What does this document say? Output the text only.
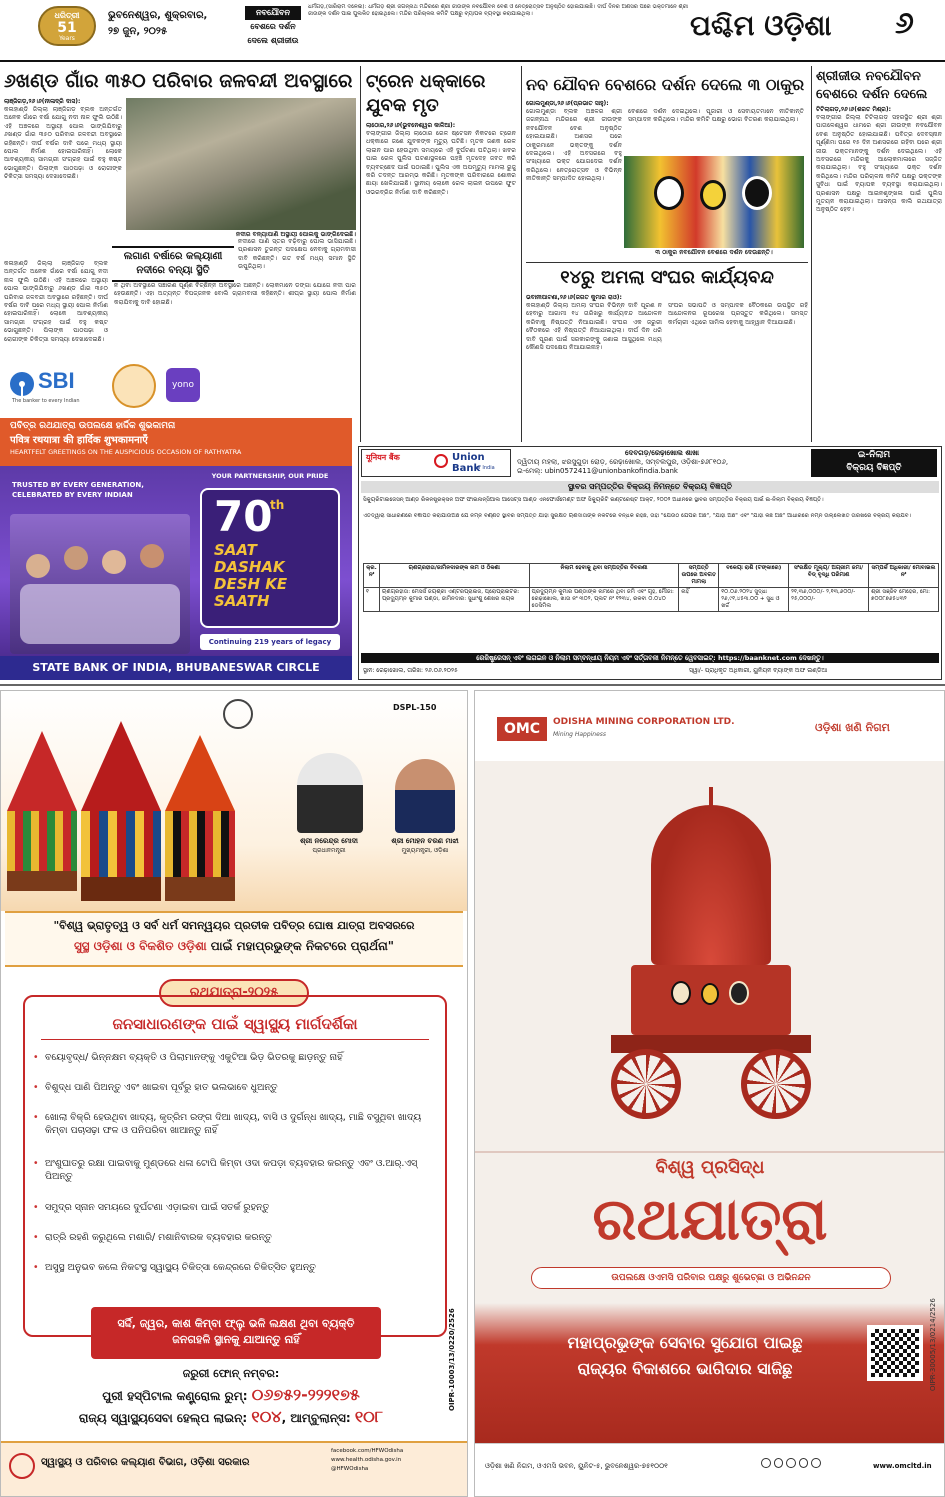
ଧରିତ୍ରୀ
51
Years
ଭୁବନେଶ୍ୱର, ଶୁକ୍ରବାର,
୨୭ ଜୁନ, ୨୦୨୫
ନବଯୌବନ
ବେଶରେ ଦର୍ଶନ
ଦେଲେ ଶ୍ରୀଜୀଉ
ଧର୍ମଗଡ଼,(ସାରିରାମ ଦଳେଇ): ଧର୍ମଗଡ଼ ଶ୍ରୀ ଜଗନ୍ନାଥ ମନ୍ଦିରରେ ଶ୍ରୀ ଜୀଉଙ୍କ ନବଯୌବନ ବେଶ ଓ ନେତ୍ରୋତ୍ସବ ଅନୁଷ୍ଠିତ ହୋଇଯାଇଛି। ଦୀର୍ଘ ଦିନର ଅଣସର ପରେ ଭକ୍ତମାନେ ଶ୍ରୀ ଜୀଉଙ୍କ ଦର୍ଶନ ପାଇ ପୁଲକିତ ହୋଇଥିଲେ। ମନ୍ଦିର ପରିଚାଳନା କମିଟି ପକ୍ଷରୁ ବ୍ୟାପକ ବ୍ୟବସ୍ଥା କରାଯାଇଥିଲା।	ପଶ୍ଚିମ ଓଡ଼ିଶା	୬
୬ଖଣ୍ଡ ଗାଁର ୩୫୦ ପରିବାର ଜଳବନ୍ଦୀ ଅବସ୍ଥାରେ
ଲାଞ୍ଜିଗଡ଼,୨୬।୬(ନୀଳାଦ୍ରି ଦାସ):
କଳାହାଣ୍ଡି ଜିଲ୍ଲା ଲାଞ୍ଜିଗଡ଼ ବ୍ଲକ ଅନ୍ତର୍ଗତ ଅନେକ ଗାଁରେ ବର୍ଷା ଯୋଗୁ ନଦୀ ନାଳ ଫୁଲି ଉଠିଛି। ଏହି ଅଞ୍ଚଳରେ ଅସ୍ଥାୟୀ ପୋଲ ଭାଙ୍ଗିଯିବାରୁ ୬ଖଣ୍ଡ ଗାଁର ୩୫୦ ପରିବାର ଜଳବନ୍ଦୀ ଅବସ୍ଥାରେ ରହିଛନ୍ତି। ଦୀର୍ଘ ବର୍ଷର ଦାବି ପରେ ମଧ୍ୟ ସ୍ଥାୟୀ ପୋଲ ନିର୍ମାଣ ହୋଇପାରିନାହିଁ। ଲୋକେ ଆବଶ୍ୟକୀୟ ସାମଗ୍ରୀ ସଂଗ୍ରହ ପାଇଁ ବହୁ କଷ୍ଟ ଭୋଗୁଛନ୍ତି। ପିଲାଙ୍କ ପାଠପଢ଼ା ଓ ରୋଗୀଙ୍କ ଚିକିତ୍ସା ସମସ୍ୟା ଦେଖାଦେଇଛି।
ନଦୀର ବନ୍ୟାପାଣି ଅସ୍ଥାୟୀ ପୋଲକୁ ଭାଙ୍ଗିଦେଇଛି।
ଲଗାଣ ବର୍ଷାରେ କଲ୍ୟାଣୀ ନଦୀରେ ବନ୍ୟା ସ୍ଥିତି
ନଦୀରେ ପାଣି ସ୍ତର ବଢ଼ିବାରୁ ପୋଲ ଭାସିଯାଇଛି। ପ୍ରଶାସନ ତୁରନ୍ତ ପଦକ୍ଷେପ ନେବାକୁ ଗ୍ରାମବାସୀ ଦାବି କରିଛନ୍ତି। ଗତ ବର୍ଷ ମଧ୍ୟ ସମାନ ସ୍ଥିତି ଉପୁଜିଥିଲା।
କଳାହାଣ୍ଡି ଜିଲ୍ଲା ଲାଞ୍ଜିଗଡ଼ ବ୍ଲକ ଅନ୍ତର୍ଗତ ଅନେକ ଗାଁରେ ବର୍ଷା ଯୋଗୁ ନଦୀ ନାଳ ଫୁଲି ଉଠିଛି। ଏହି ଅଞ୍ଚଳରେ ଅସ୍ଥାୟୀ ପୋଲ ଭାଙ୍ଗିଯିବାରୁ ୬ଖଣ୍ଡ ଗାଁର ୩୫୦ ପରିବାର ଜଳବନ୍ଦୀ ଅବସ୍ଥାରେ ରହିଛନ୍ତି। ଦୀର୍ଘ ବର୍ଷର ଦାବି ପରେ ମଧ୍ୟ ସ୍ଥାୟୀ ପୋଲ ନିର୍ମାଣ ହୋଇପାରିନାହିଁ। ଲୋକେ ଆବଶ୍ୟକୀୟ ସାମଗ୍ରୀ ସଂଗ୍ରହ ପାଇଁ ବହୁ କଷ୍ଟ ଭୋଗୁଛନ୍ତି। ପିଲାଙ୍କ ପାଠପଢ଼ା ଓ ରୋଗୀଙ୍କ ଚିକିତ୍ସା ସମସ୍ୟା ଦେଖାଦେଇଛି।
ନ ଥିବା ଅବସ୍ଥାରେ ସଞ୍ଚାରଣ ପୂର୍ଣ୍ଣ ବିଚ୍ଛିନ୍ନ ଅବସ୍ଥାରେ ଅଛନ୍ତି। ଲୋକମାନେ ଡଙ୍ଗା ଯୋଗେ ନଦୀ ପାର ହେଉଛନ୍ତି। ଏହା ଅତ୍ୟନ୍ତ ବିପଜ୍ଜନକ ବୋଲି ଗ୍ରାମବାସୀ କହିଛନ୍ତି। ଶୀଘ୍ର ସ୍ଥାୟୀ ପୋଲ ନିର୍ମାଣ କରାଯିବାକୁ ଦାବି ହୋଇଛି।
ଟ୍ରେନ ଧକ୍କାରେ ଯୁବକ ମୃତ
ଲାଠୋର,୨୬।୬(ଭୁବନେଶ୍ୱର କାଳିଆ):
ବଲାଙ୍ଗୀର ଜିଲ୍ଲା ଲାଠୋର ରେଳ ଷ୍ଟେସନ ନିକଟରେ ଟ୍ରେନ ଧକ୍କାରେ ଜଣେ ଯୁବକଙ୍କ ମୃତ୍ୟୁ ଘଟିଛି। ମୃତକ ଜଣକ ରେଳ ଲାଇନ ପାର ହେଉଥିବା ସମୟରେ ଏହି ଦୁର୍ଘଟଣା ଘଟିଥିଲା। ଖବର ପାଇ ରେଳ ପୁଲିସ ଘଟଣାସ୍ଥଳରେ ପହଞ୍ଚି ମୃତଦେହ ଜବତ କରି ବ୍ୟବଚ୍ଛେଦ ପାଇଁ ପଠାଇଛି। ପୁଲିସ ଏକ ଅପମୃତ୍ୟୁ ମାମଲା ରୁଜୁ କରି ତଦନ୍ତ ଆରମ୍ଭ କରିଛି। ମୃତକଙ୍କ ପରିବାରରେ ଶୋକର ଛାୟା ଖେଳିଯାଇଛି। ସ୍ଥାନୀୟ ଲୋକେ ରେଳ ଲାଇନ ଉପରେ ଫୁଟ ଓଭରବ୍ରିଜ ନିର୍ମାଣ ଦାବି କରିଛନ୍ତି।
ନବ ଯୌବନ ବେଶରେ ଦର୍ଶନ ଦେଲେ ୩ ଠାକୁର
ଗୋଲମୁଣ୍ଡା,୨୬।୬(ପ୍ରଭାତ ସାହୁ):
ଗୋଲମୁଣ୍ଡା ବ୍ଲକ ଅଞ୍ଚଳର ଶ୍ରୀ ଜଗନ୍ନାଥ ମନ୍ଦିରରେ ଶ୍ରୀ ଜୀଉଙ୍କ ନବଯୌବନ ବେଶ ଅନୁଷ୍ଠିତ ହୋଇଯାଇଛି। ଅଣସର ପରେ ଠାକୁରମାନେ ଭକ୍ତଙ୍କୁ ଦର୍ଶନ ଦେଇଥିଲେ। ଏହି ଅବସରରେ ବହୁ ସଂଖ୍ୟାରେ ଭକ୍ତ ଯୋଗଦେଇ ଦର୍ଶନ କରିଥିଲେ। ନେତ୍ରୋତ୍ସବ ଓ ବିଭିନ୍ନ ନୀତିକାନ୍ତି ସମ୍ପାଦିତ ହୋଇଥିଲା।
ବେଶରେ ଦର୍ଶନ ଦେଇଥିଲେ। ପୂଜାରୀ ଓ ସେବାୟତମାନେ ନୀତିକାନ୍ତି ସମ୍ପାଦନ କରିଥିଲେ। ମନ୍ଦିର କମିଟି ପକ୍ଷରୁ ଭୋଗ ବିତରଣ କରାଯାଇଥିଲା।
୩ ଠାକୁର ନବଯୌବନ ବେଶରେ ଦର୍ଶନ ଦେଉଛନ୍ତି।
୧୪ରୁ ଅମଲା ସଂଘର କାର୍ଯ୍ୟବନ୍ଦ
ଭବାନୀପାଟଣା,୨୬।୬(ଜଗତ କୁମାର ରାଓ):
କଳାହାଣ୍ଡି ଜିଲ୍ଲା ଅମଲା ସଂଘର ବିଭିନ୍ନ ଦାବି ପୂରଣ ନ ହେବାରୁ ଆଗାମୀ ୧୪ ତାରିଖରୁ କାର୍ଯ୍ୟବନ୍ଦ ଆନ୍ଦୋଳନ କରିବାକୁ ନିଷ୍ପତ୍ତି ନିଆଯାଇଛି। ସଂଘର ଏକ ଜରୁରୀ ବୈଠକରେ ଏହି ନିଷ୍ପତ୍ତି ନିଆଯାଇଥିଲା। ଦୀର୍ଘ ଦିନ ଧରି ଦାବି ପୂରଣ ପାଇଁ ସରକାରଙ୍କୁ ଜଣାଇ ଆସୁଥିଲେ ମଧ୍ୟ କୌଣସି ପଦକ୍ଷେପ ନିଆଯାଇନାହିଁ।
ସଂଘର ସଭାପତି ଓ ସମ୍ପାଦକ ବୈଠକରେ ଉପସ୍ଥିତ ରହି ଆନ୍ଦୋଳନର ରୂପରେଖ ପ୍ରସ୍ତୁତ କରିଥିଲେ। ସମସ୍ତ କର୍ମଚାରୀ ଏଥିରେ ସାମିଲ ହେବାକୁ ଆହ୍ୱାନ ଦିଆଯାଇଛି।
ଶ୍ରୀଜୀଉ ନବଯୌବନ ବେଶରେ ଦର୍ଶନ ଦେଲେ
ଟିଟିଲାଗଡ଼,୨୬।୬(ଶରତ ମିଶ୍ର):
ବଲାଙ୍ଗୀର ଜିଲ୍ଲା ଟିଟିଲାଗଡ଼ ସହରସ୍ଥିତ ଶ୍ରୀ ଶ୍ରୀ ପାତାଳେଶ୍ୱର ଧାମରେ ଶ୍ରୀ ଜୀଉଙ୍କ ନବଯୌବନ ବେଶ ଅନୁଷ୍ଠିତ ହୋଇଯାଇଛି। ପବିତ୍ର ଦେବସ୍ନାନ ପୂର୍ଣ୍ଣିମା ପରେ ୧୫ ଦିନ ଅଣସରରେ ରହିବା ପରେ ଶ୍ରୀ ଜୀଉ ଭକ୍ତମାନଙ୍କୁ ଦର୍ଶନ ଦେଇଥିଲେ। ଏହି ଅବସରରେ ମନ୍ଦିରକୁ ଆଲୋକମାଳାରେ ସଜ୍ଜିତ କରାଯାଇଥିଲା। ବହୁ ସଂଖ୍ୟାରେ ଭକ୍ତ ଦର୍ଶନ କରିଥିଲେ। ମନ୍ଦିର ପରିଚାଳନା କମିଟି ପକ୍ଷରୁ ଭକ୍ତଙ୍କ ସୁବିଧା ପାଇଁ ବ୍ୟାପକ ବ୍ୟବସ୍ଥା କରାଯାଇଥିଲା। ପ୍ରଶାସନ ପକ୍ଷରୁ ଆଇନଶୃଙ୍ଖଳା ପାଇଁ ପୁଲିସ ମୁତୟନ କରାଯାଇଥିଲା। ଆସନ୍ତା କାଲି ରଥଯାତ୍ରା ଅନୁଷ୍ଠିତ ହେବ।
SBI
The banker to every Indian
yono
ପବିତ୍ର ରଥଯାତ୍ରା ଉପଲକ୍ଷେ ହାର୍ଦ୍ଦିକ ଶୁଭକାମନା
पवित्र रथयात्रा की हार्दिक शुभकामनाएँ
HEARTFELT GREETINGS ON THE AUSPICIOUS OCCASION OF RATHYATRA
TRUSTED BY EVERY GENERATION, CELEBRATED BY EVERY INDIAN
YOUR PARTNERSHIP, OUR PRIDE
70
th
SAAT
DASHAK
DESH KE
SAATH
Continuing 219 years of legacy
STATE BANK OF INDIA, BHUBANESWAR CIRCLE
यूनियन बैंक	Union Bank
of India
ଦେବଗଡ଼/ରେଢ଼ାଖୋଲ ଶାଖା
ଦ୍ୱିତୀୟ ମହଲା, ଝରସୁଗୁଡ଼ା ରୋଡ଼, ରେଢ଼ାଖୋଲ, ସମ୍ବଲପୁର, ଓଡ଼ିଶା-୭୬୮୧୦୬,
ଇ-ମେଲ୍: ubin0572411@unionbankofindia.bank
ଇ-ନିଲାମ
ବିକ୍ରୟ ବିଜ୍ଞପ୍ତି
ସ୍ଥାବର ସମ୍ପତ୍ତିର ବିକ୍ରୟ ନିମନ୍ତେ ବିକ୍ରୟ ବିଜ୍ଞପ୍ତି
ସିକ୍ୟୁରିଟାଇଜେସନ୍ ଆଣ୍ଡ ରିକନଷ୍ଟ୍ରକ୍ସନ ଅଫ ଫାଇନାନ୍ସିଆଲ ଆସେଟ୍ସ ଆଣ୍ଡ ଏନଫୋର୍ସମେଣ୍ଟ ଅଫ ସିକ୍ୟୁରିଟି ଇଣ୍ଟରେଷ୍ଟ ଆକ୍ଟ, ୨୦୦୨ ଅଧୀନରେ ସ୍ଥାବର ସମ୍ପତ୍ତିର ବିକ୍ରୟ ପାଇଁ ଇ-ନିଲାମ ବିକ୍ରୟ ବିଜ୍ଞପ୍ତି।
ଏତଦ୍ୱାରା ସାଧାରଣରେ ବିଜ୍ଞାପିତ କରାଯାଉଅଛି ଯେ ନିମ୍ନ ବର୍ଣ୍ଣିତ ସ୍ଥାବର ସମ୍ପତ୍ତି ଯାହା ସୁରକ୍ଷିତ ଋଣଦାତାଙ୍କ ନିକଟରେ ବନ୍ଧକ ରହିଛି, ତାହା "ଯେଉଁଠି ଯେପରି ଅଛି", "ଯାହା ଅଛି" ଏବଂ "ଯାହା କିଛି ଅଛି" ଆଧାରରେ ନିମ୍ନ ଉଲ୍ଲେଖିତ ତାରିଖରେ ବିକ୍ରୟ କରାଯିବ।
କ୍ର. ନଂ	ଋଣଗ୍ରହୀତା/ଜାମିନଦାରଙ୍କ ନାମ ଓ ଠିକଣା	ନିଲାମ ହେବାକୁ ଥିବା ସମ୍ପତ୍ତିର ବିବରଣୀ	ସମ୍ପତ୍ତି ଉପରେ ଅବଗତ ମାମଲା	ବକେୟା ରାଶି (ଟଙ୍କାରେ)	ସଂରକ୍ଷିତ ମୂଲ୍ୟ/ ଅଗ୍ରୀମ ଜମା/ ବିଡ୍ ବୃଦ୍ଧି ପରିମାଣ	ସମ୍ପର୍କ ଅଧିକାରୀ/ ମୋବାଇଲ ନଂ
୧	ଋଣଗ୍ରହୀତା: ମେସର୍ସ ଜୟଶ୍ରୀ ଏଣ୍ଟରପ୍ରାଇଜ, ପ୍ରୋପ୍ରାଇଟର: ପ୍ରଦ୍ୟୁମ୍ନ କୁମାର ପଣ୍ଡା, ଜାମିନଦାର: ସୁଧାଂଶୁ ଶେଖର ନାୟକ	ପ୍ରଦ୍ୟୁମ୍ନ କୁମାର ପଣ୍ଡାଙ୍କ ନାମରେ ଥିବା ଜମି ଏବଂ ଗୃହ, ମୌଜା: ରେଢ଼ାଖୋଲ, ଖାତା ନଂ ୩୦୨, ପ୍ଲଟ ନଂ ୧୨୩୪, ରକବା ୦.୦୪୦ ଡେସିମିଲ	ନାହିଁ	୧୦.୦୬.୨୦୨୪ ସୁଦ୍ଧା ୨୬,୯୧,୪୫୩.୦୦ + ସୁଧ ଓ ଖର୍ଚ୍ଚ	୨୧,୩୬,୦୦୦/- ୨,୧୩,୬୦୦/- ୨୫,୦୦୦/-	ଶ୍ରୀ ସଞ୍ଜିବ ମେହେର, ମୋ: ୭୦୦୮୭୬୫୪୩୨
ରେଜିଷ୍ଟ୍ରେସନ୍ ଏବଂ ଲଗଇନ ଓ ନିଲାମ ସମ୍ବନ୍ଧୀୟ ନିୟମ ଏବଂ ସର୍ତ୍ତାବଳୀ ନିମନ୍ତେ ୱେବସାଇଟ୍: https://baanknet.com ଦେଖନ୍ତୁ।
ସ୍ଥାନ: ରେଢ଼ାଖୋଲ, ତାରିଖ: ୨୬.୦୬.୨୦୨୫	ସ୍ୱା/- ପ୍ରାଧିକୃତ ଅଧିକାରୀ, ୟୁନିୟନ ବ୍ୟାଙ୍କ ଅଫ ଇଣ୍ଡିଆ
DSPL-150
ଶ୍ରୀ ନରେନ୍ଦ୍ର ମୋଦୀ
ପ୍ରଧାନମନ୍ତ୍ରୀ
ଶ୍ରୀ ମୋହନ ଚରଣ ମାଝୀ
ମୁଖ୍ୟମନ୍ତ୍ରୀ, ଓଡ଼ିଶା
"ବିଶ୍ୱ ଭ୍ରାତୃତ୍ୱ ଓ ସର୍ବ ଧର୍ମ ସମନ୍ୱୟର ପ୍ରତୀକ ପବିତ୍ର ଘୋଷ ଯାତ୍ରା ଅବସରରେ
ସୁସ୍ଥ ଓଡ଼ିଶା ଓ ବିକଶିତ ଓଡ଼ିଶା ପାଇଁ ମହାପ୍ରଭୁଙ୍କ ନିକଟରେ ପ୍ରାର୍ଥନା"
ରଥଯାତ୍ରା-୨୦୨୫
ଜନସାଧାରଣଙ୍କ ପାଇଁ ସ୍ୱାସ୍ଥ୍ୟ ମାର୍ଗଦର୍ଶିକା
• ବୟୋବୃଦ୍ଧ/ ଭିନ୍ନକ୍ଷମ ବ୍ୟକ୍ତି ଓ ପିଲାମାନଙ୍କୁ ଏକୁଟିଆ ଭିଡ଼ ଭିତରକୁ ଛାଡ଼ନ୍ତୁ ନାହିଁ
• ବିଶୁଦ୍ଧ ପାଣି ପିଅନ୍ତୁ ଏବଂ ଖାଇବା ପୂର୍ବରୁ ହାତ ଭଲଭାବେ ଧୁଅନ୍ତୁ
• ଖୋଲା ବିକ୍ରି ହେଉଥିବା ଖାଦ୍ୟ, କୃତ୍ରିମ ରଙ୍ଗ ଦିଆ ଖାଦ୍ୟ, ବାସି ଓ ଦୁର୍ଗନ୍ଧ ଖାଦ୍ୟ, ମାଛି ବସୁଥିବା ଖାଦ୍ୟ କିମ୍ବା ପଚାସଢ଼ା ଫଳ ଓ ପନିପରିବା ଖାଆନ୍ତୁ ନାହିଁ
• ଅଂଶୁଘାତରୁ ରକ୍ଷା ପାଇବାକୁ ମୁଣ୍ଡରେ ଧଳା ଟୋପି କିମ୍ବା ଓଦା କପଡ଼ା ବ୍ୟବହାର କରନ୍ତୁ ଏବଂ ଓ.ଆର୍.ଏସ୍ ପିଅନ୍ତୁ
• ସମୁଦ୍ର ସ୍ନାନ ସମୟରେ ଦୁର୍ଘଟଣା ଏଡ଼ାଇବା ପାଇଁ ସତର୍କ ରୁହନ୍ତୁ
• ରାତ୍ରି ରହଣି କରୁଥିଲେ ମଶାରି/ ମଶାନିବାରକ ବ୍ୟବହାର କରନ୍ତୁ
• ଅସୁସ୍ଥ ଅନୁଭବ କଲେ ନିକଟସ୍ଥ ସ୍ୱାସ୍ଥ୍ୟ ଚିକିତ୍ସା କେନ୍ଦ୍ରରେ ଚିକିତ୍ସିତ ହୁଅନ୍ତୁ
ସର୍ଦ୍ଦି, ଜ୍ୱର, କାଶ କିମ୍ବା ଫ୍ଲୁ ଭଳି ଲକ୍ଷଣ ଥିବା ବ୍ୟକ୍ତି
ଜନଗହଳି ସ୍ଥାନକୁ ଯାଆନ୍ତୁ ନାହିଁ
ଜରୁରୀ ଫୋନ୍ ନମ୍ବର:
ପୁରୀ ହସ୍ପିଟାଲ କଣ୍ଟ୍ରୋଲ ରୁମ୍: ୦୬୭୫୨-୨୨୨୧୭୫
ରାଜ୍ୟ ସ୍ୱାସ୍ଥ୍ୟସେବା ହେଲ୍ପ ଲାଇନ୍: ୧୦୪, ଆମ୍ବୁଲାନ୍ସ: ୧୦୮
OIPR-10003/13/0220/2526
ସ୍ୱାସ୍ଥ୍ୟ ଓ ପରିବାର କଲ୍ୟାଣ ବିଭାଗ, ଓଡ଼ିଶା ସରକାର
facebook.com/HFWOdisha
www.health.odisha.gov.in
@HFWOdisha
OMC	ODISHA MINING CORPORATION LTD.
Mining Happiness
ଓଡ଼ିଶା ଖଣି ନିଗମ
ବିଶ୍ୱ ପ୍ରସିଦ୍ଧ
ରଥଯାତ୍ରା
ଉପଲକ୍ଷେ ଓଏମସି ପରିବାର ପକ୍ଷରୁ ଶୁଭେଚ୍ଛା ଓ ଅଭିନନ୍ଦନ
ମହାପ୍ରଭୁଙ୍କ ସେବାର ସୁଯୋଗ ପାଇଛୁ
ରାଜ୍ୟର ବିକାଶରେ ଭାଗିଦାର ସାଜିଛୁ	OIPR-30005/13/0214/2526
ଓଡ଼ିଶା ଖଣି ନିଗମ, ଓଏମସି ଭବନ, ୟୁନିଟ-୫, ଭୁବନେଶ୍ୱର-୭୫୧୦୦୧	www.omcltd.in
